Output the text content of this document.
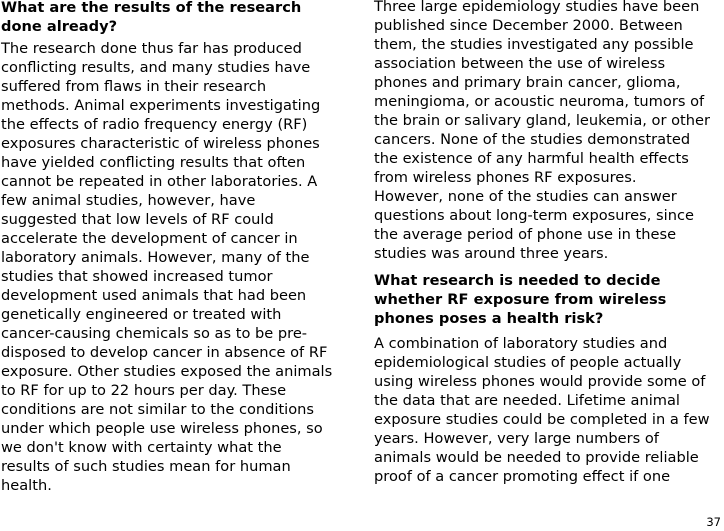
What are the results of the research done already?

The research done thus far has produced conflicting results, and many studies have suffered from flaws in their research methods. Animal experiments investigating the effects of radio frequency energy (RF) exposures characteristic of wireless phones have yielded conflicting results that often cannot be repeated in other laboratories. A few animal studies, however, have suggested that low levels of RF could accelerate the development of cancer in laboratory animals. However, many of the studies that showed increased tumor development used animals that had been genetically engineered or treated with cancer-causing chemicals so as to be pre-disposed to develop cancer in absence of RF exposure. Other studies exposed the animals to RF for up to 22 hours per day. These conditions are not similar to the conditions under which people use wireless phones, so we don't know with certainty what the results of such studies mean for human health.

Three large epidemiology studies have been published since December 2000. Between them, the studies investigated any possible association between the use of wireless phones and primary brain cancer, glioma, meningioma, or acoustic neuroma, tumors of the brain or salivary gland, leukemia, or other cancers. None of the studies demonstrated the existence of any harmful health effects from wireless phones RF exposures. However, none of the studies can answer questions about long-term exposures, since the average period of phone use in these studies was around three years.

What research is needed to decide whether RF exposure from wireless phones poses a health risk?

A combination of laboratory studies and epidemiological studies of people actually using wireless phones would provide some of the data that are needed. Lifetime animal exposure studies could be completed in a few years. However, very large numbers of animals would be needed to provide reliable proof of a cancer promoting effect if one

37
